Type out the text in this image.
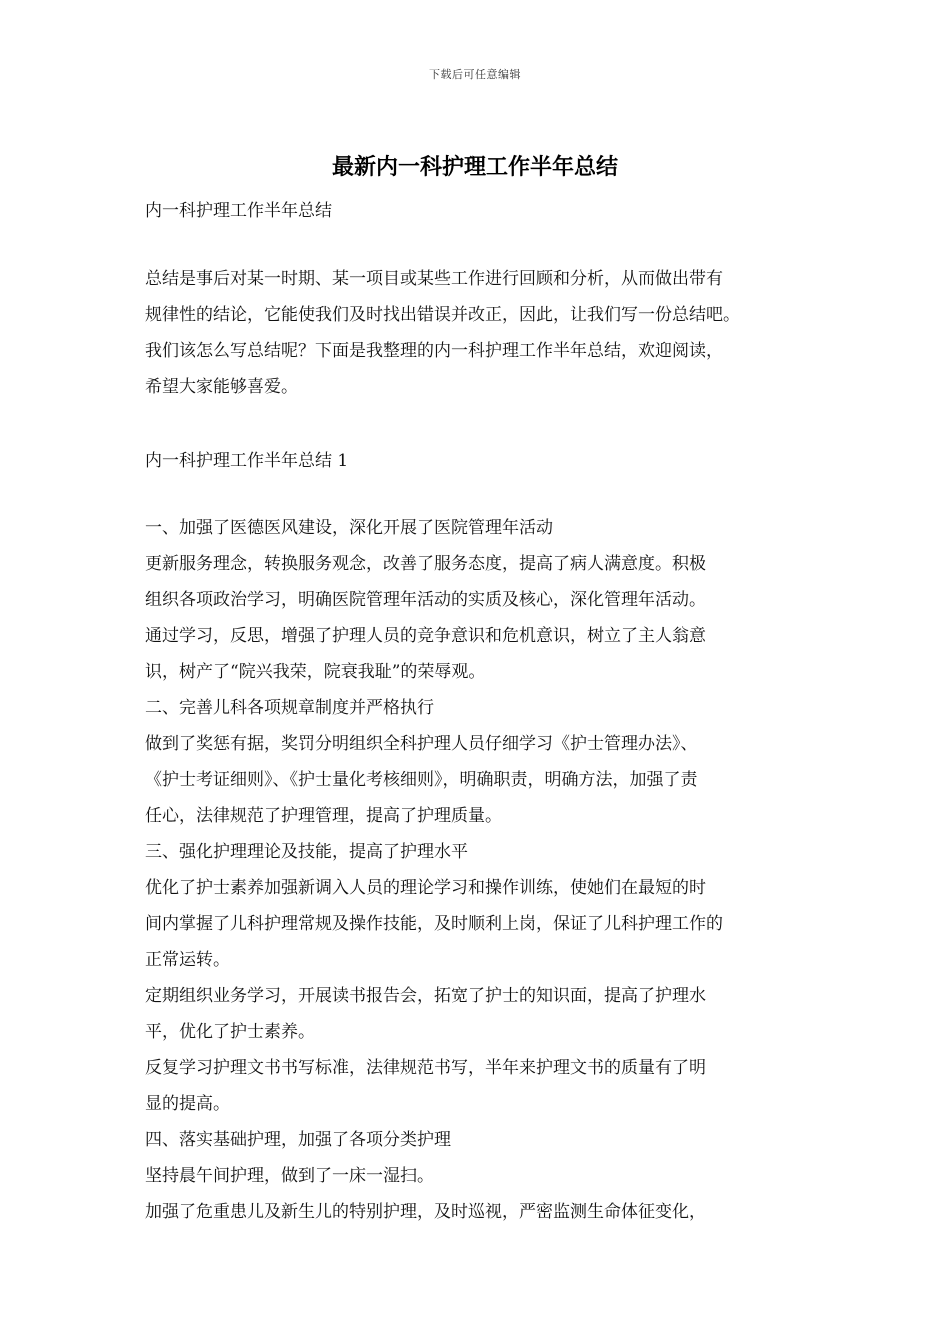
下载后可任意编辑
最新内一科护理工作半年总结
内一科护理工作半年总结
总结是事后对某一时期、某一项目或某些工作进行回顾和分析，从而做出带有
规律性的结论，它能使我们及时找出错误并改正，因此，让我们写一份总结吧。
我们该怎么写总结呢？下面是我整理的内一科护理工作半年总结，欢迎阅读，
希望大家能够喜爱。
内一科护理工作半年总结 1
一、加强了医德医风建设，深化开展了医院管理年活动
更新服务理念，转换服务观念，改善了服务态度，提高了病人满意度。积极
组织各项政治学习，明确医院管理年活动的实质及核心，深化管理年活动。
通过学习，反思，增强了护理人员的竞争意识和危机意识，树立了主人翁意
识，树产了“院兴我荣，院衰我耻”的荣辱观。
二、完善儿科各项规章制度并严格执行
做到了奖惩有据，奖罚分明组织全科护理人员仔细学习《护士管理办法》、
《护士考证细则》、《护士量化考核细则》，明确职责，明确方法，加强了责
任心，法律规范了护理管理，提高了护理质量。
三、强化护理理论及技能，提高了护理水平
优化了护士素养加强新调入人员的理论学习和操作训练，使她们在最短的时
间内掌握了儿科护理常规及操作技能，及时顺利上岗，保证了儿科护理工作的
正常运转。
定期组织业务学习，开展读书报告会，拓宽了护士的知识面，提高了护理水
平，优化了护士素养。
反复学习护理文书书写标准，法律规范书写，半年来护理文书的质量有了明
显的提高。
四、落实基础护理，加强了各项分类护理
坚持晨午间护理，做到了一床一湿扫。
加强了危重患儿及新生儿的特别护理，及时巡视，严密监测生命体征变化，
